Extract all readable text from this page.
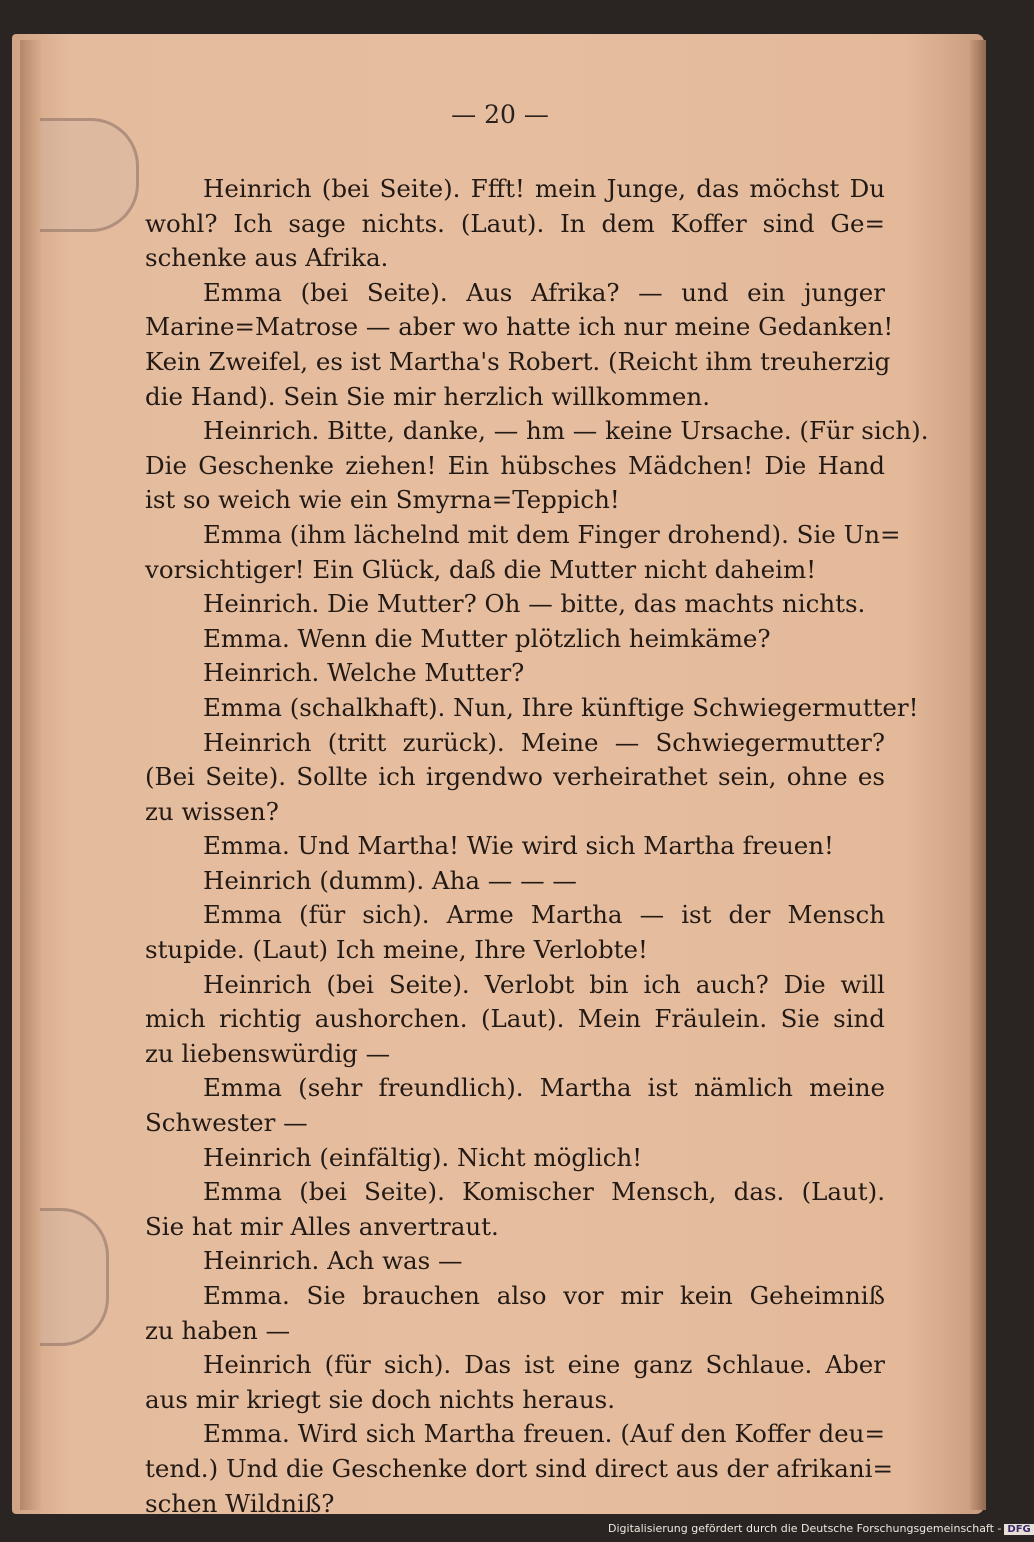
— 20 —
Heinrich (bei Seite). Ffft! mein Junge, das möchst Du
wohl? Ich sage nichts. (Laut). In dem Koffer sind Ge=
schenke aus Afrika.
Emma (bei Seite). Aus Afrika? — und ein junger
Marine=Matrose — aber wo hatte ich nur meine Gedanken!
Kein Zweifel, es ist Martha's Robert. (Reicht ihm treuherzig
die Hand). Sein Sie mir herzlich willkommen.
Heinrich. Bitte, danke, — hm — keine Ursache. (Für sich).
Die Geschenke ziehen! Ein hübsches Mädchen! Die Hand
ist so weich wie ein Smyrna=Teppich!
Emma (ihm lächelnd mit dem Finger drohend). Sie Un=
vorsichtiger! Ein Glück, daß die Mutter nicht daheim!
Heinrich. Die Mutter? Oh — bitte, das machts nichts.
Emma. Wenn die Mutter plötzlich heimkäme?
Heinrich. Welche Mutter?
Emma (schalkhaft). Nun, Ihre künftige Schwiegermutter!
Heinrich (tritt zurück). Meine — Schwiegermutter?
(Bei Seite). Sollte ich irgendwo verheirathet sein, ohne es
zu wissen?
Emma. Und Martha! Wie wird sich Martha freuen!
Heinrich (dumm). Aha — — —
Emma (für sich). Arme Martha — ist der Mensch
stupide. (Laut) Ich meine, Ihre Verlobte!
Heinrich (bei Seite). Verlobt bin ich auch? Die will
mich richtig aushorchen. (Laut). Mein Fräulein. Sie sind
zu liebenswürdig —
Emma (sehr freundlich). Martha ist nämlich meine
Schwester —
Heinrich (einfältig). Nicht möglich!
Emma (bei Seite). Komischer Mensch, das. (Laut).
Sie hat mir Alles anvertraut.
Heinrich. Ach was —
Emma. Sie brauchen also vor mir kein Geheimniß
zu haben —
Heinrich (für sich). Das ist eine ganz Schlaue. Aber
aus mir kriegt sie doch nichts heraus.
Emma. Wird sich Martha freuen. (Auf den Koffer deu=
tend.) Und die Geschenke dort sind direct aus der afrikani=
schen Wildniß?
Digitalisierung gefördert durch die Deutsche Forschungsgemeinschaft - DFG
